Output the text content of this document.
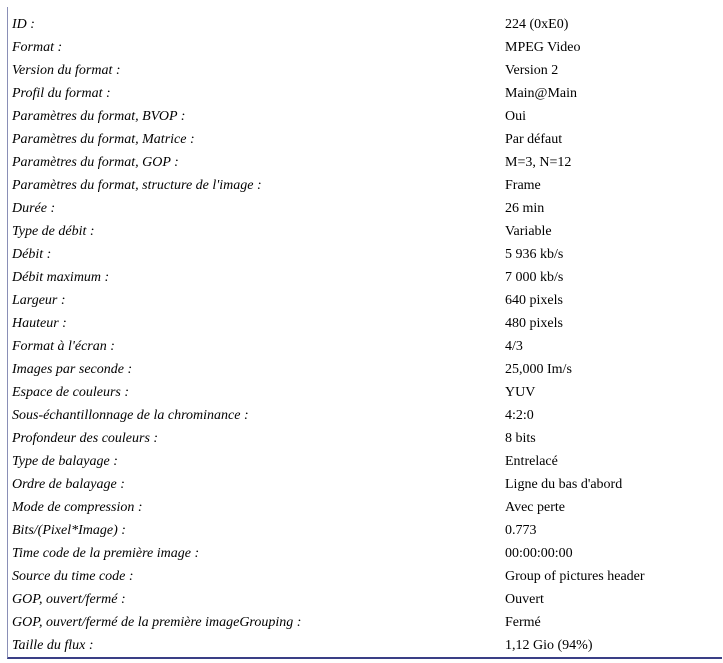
ID :	224 (0xE0)
Format :	MPEG Video
Version du format :	Version 2
Profil du format :	Main@Main
Paramètres du format, BVOP :	Oui
Paramètres du format, Matrice :	Par défaut
Paramètres du format, GOP :	M=3, N=12
Paramètres du format, structure de l'image :	Frame
Durée :	26 min
Type de débit :	Variable
Débit :	5 936 kb/s
Débit maximum :	7 000 kb/s
Largeur :	640 pixels
Hauteur :	480 pixels
Format à l'écran :	4/3
Images par seconde :	25,000 Im/s
Espace de couleurs :	YUV
Sous-échantillonnage de la chrominance :	4:2:0
Profondeur des couleurs :	8 bits
Type de balayage :	Entrelacé
Ordre de balayage :	Ligne du bas d'abord
Mode de compression :	Avec perte
Bits/(Pixel*Image) :	0.773
Time code de la première image :	00:00:00:00
Source du time code :	Group of pictures header
GOP, ouvert/fermé :	Ouvert
GOP, ouvert/fermé de la première imageGrouping :	Fermé
Taille du flux :	1,12 Gio (94%)
